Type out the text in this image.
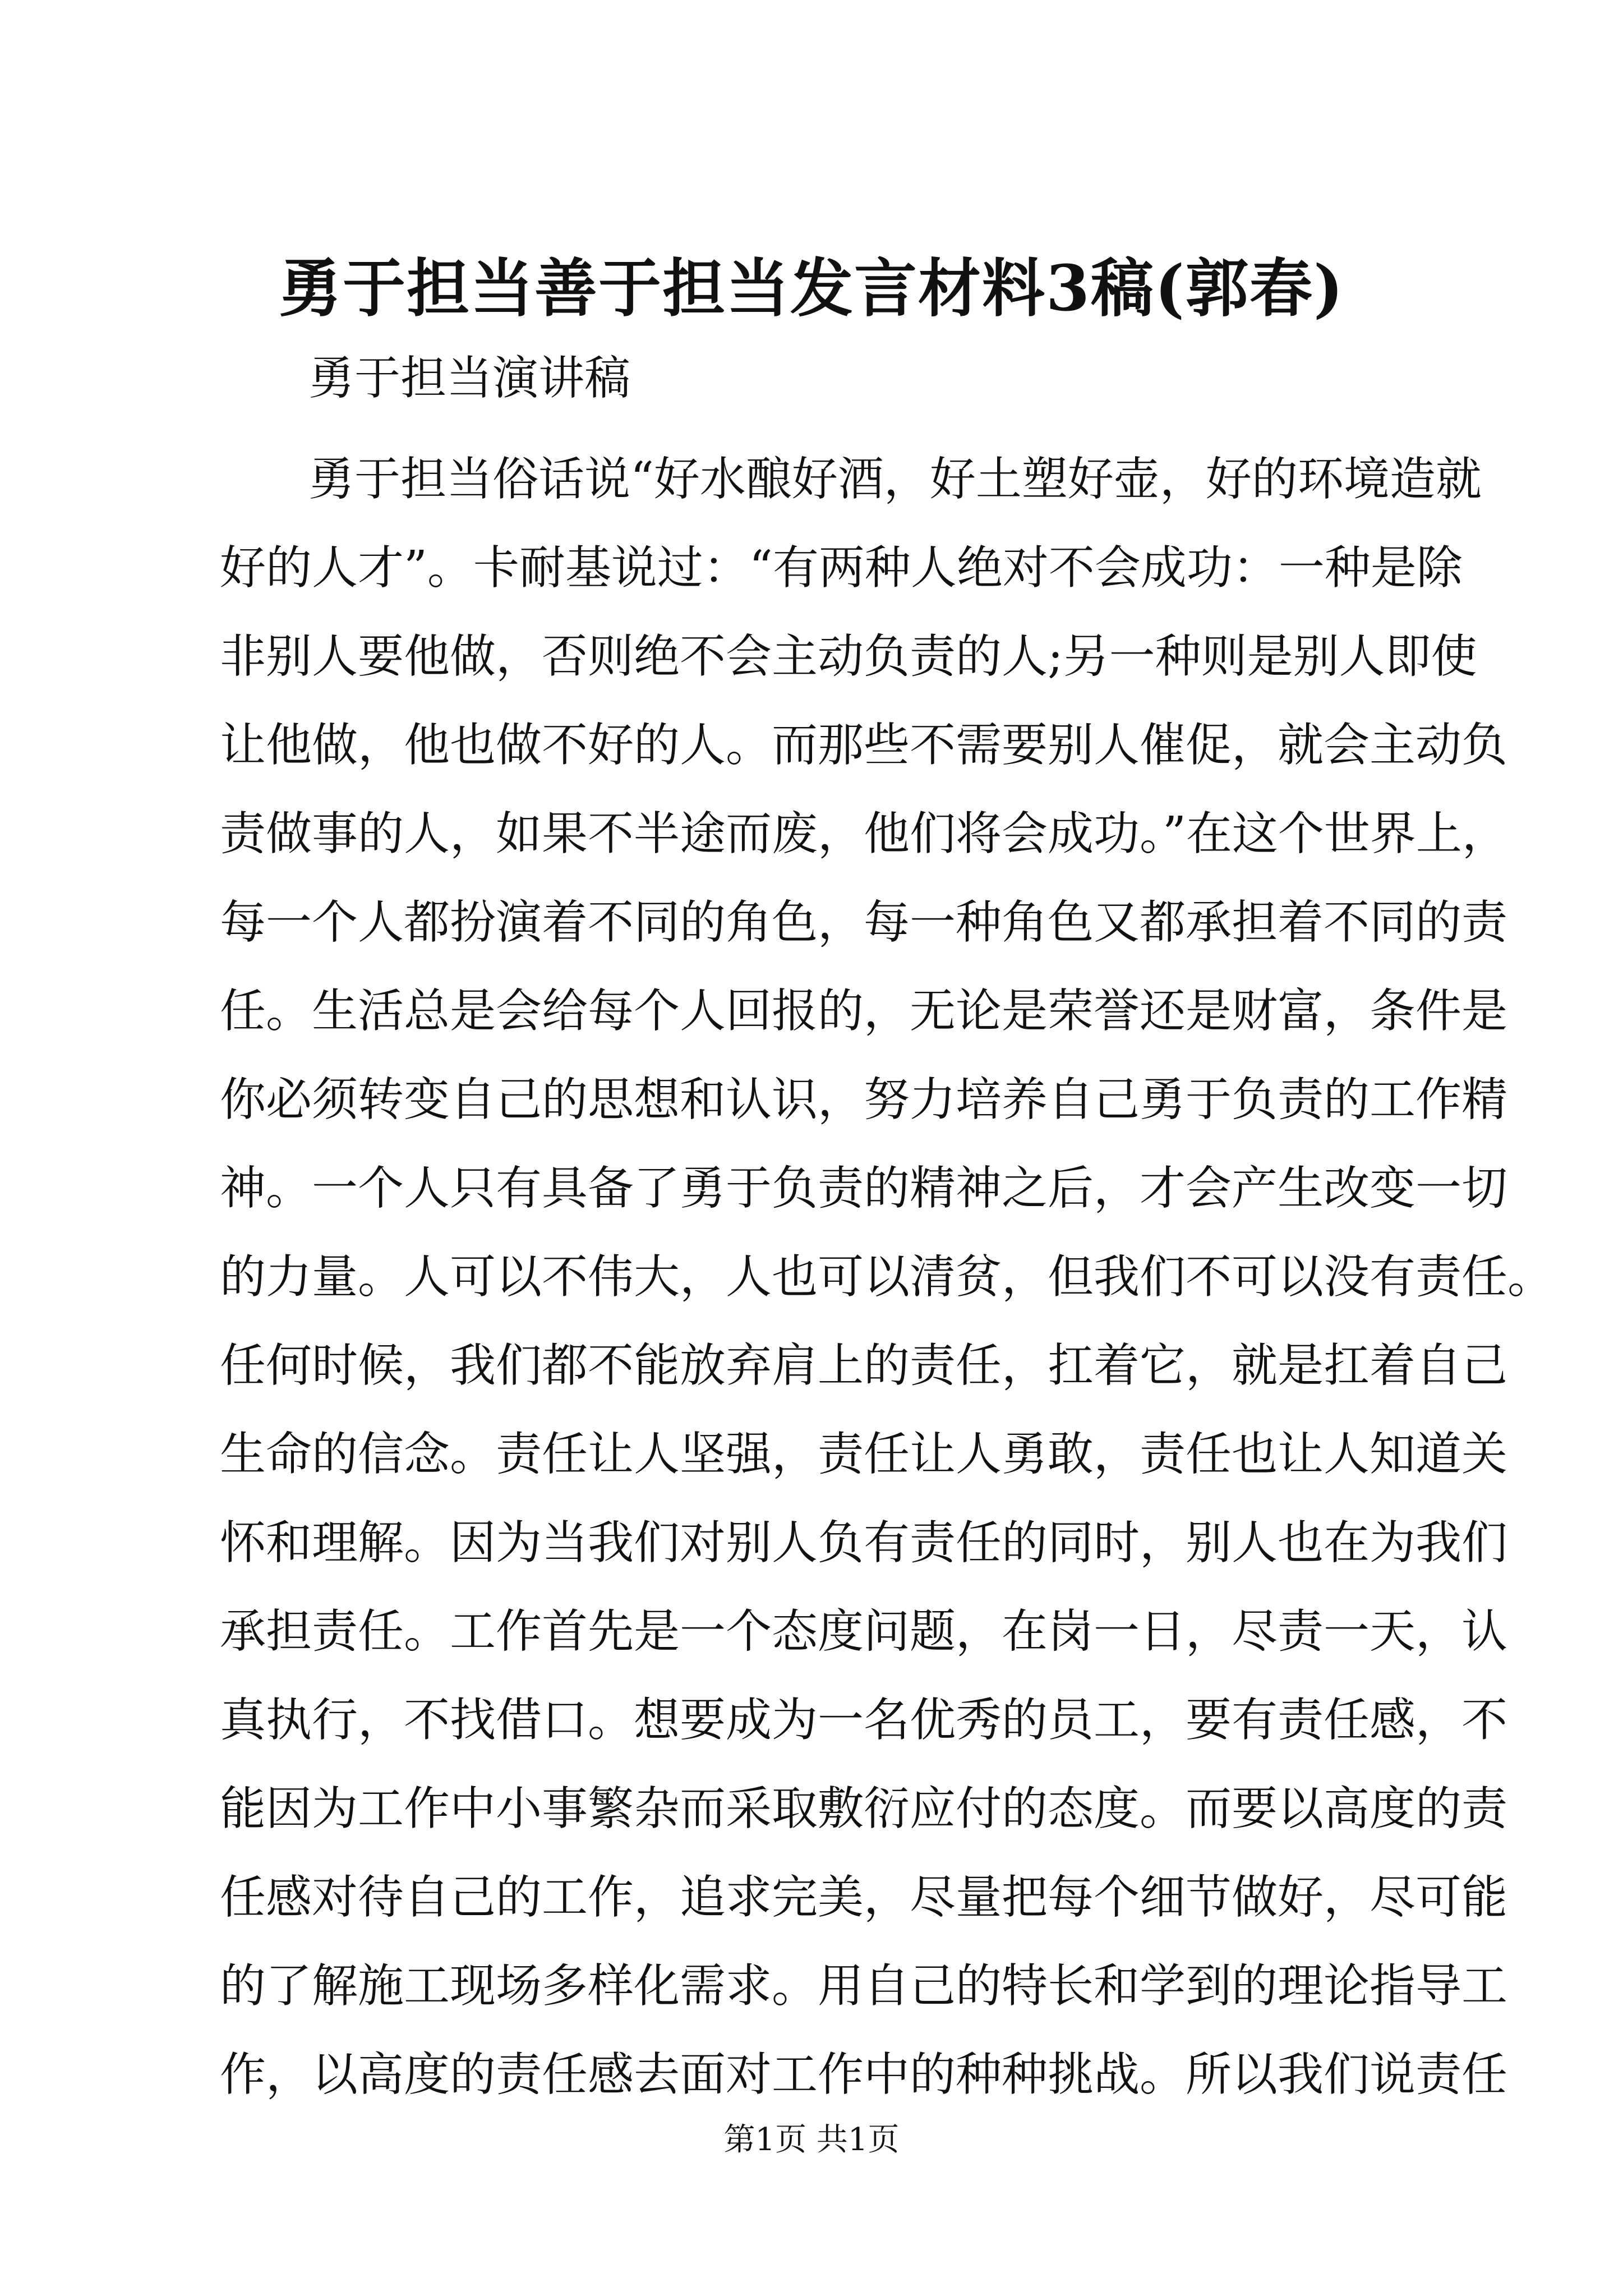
勇于担当善于担当发言材料3稿(郭春)
勇于担当演讲稿
勇于担当俗话说“好水酿好酒，好土塑好壶，好的环境造就
好的人才”。卡耐基说过：“有两种人绝对不会成功：一种是除
非别人要他做，否则绝不会主动负责的人;另一种则是别人即使
让他做，他也做不好的人。而那些不需要别人催促，就会主动负
责做事的人，如果不半途而废，他们将会成功。”在这个世界上，
每一个人都扮演着不同的角色，每一种角色又都承担着不同的责
任。生活总是会给每个人回报的，无论是荣誉还是财富，条件是
你必须转变自己的思想和认识，努力培养自己勇于负责的工作精
神。一个人只有具备了勇于负责的精神之后，才会产生改变一切
的力量。人可以不伟大，人也可以清贫，但我们不可以没有责任。
任何时候，我们都不能放弃肩上的责任，扛着它，就是扛着自己
生命的信念。责任让人坚强，责任让人勇敢，责任也让人知道关
怀和理解。因为当我们对别人负有责任的同时，别人也在为我们
承担责任。工作首先是一个态度问题，在岗一日，尽责一天，认
真执行，不找借口。想要成为一名优秀的员工，要有责任感，不
能因为工作中小事繁杂而采取敷衍应付的态度。而要以高度的责
任感对待自己的工作，追求完美，尽量把每个细节做好，尽可能
的了解施工现场多样化需求。用自己的特长和学到的理论指导工
作，以高度的责任感去面对工作中的种种挑战。所以我们说责任
第1页 共1页
